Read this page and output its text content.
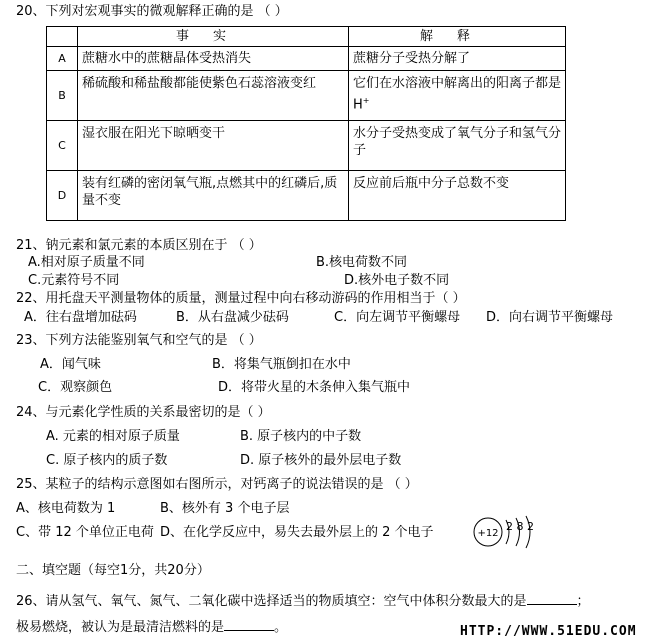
20、下列对宏观事实的微观解释正确的是 （ ）
	事实	解释
A	蔗糖水中的蔗糖晶体受热消失	蔗糖分子受热分解了
B	稀硫酸和稀盐酸都能使紫色石蕊溶液变红	它们在水溶液中解离出的阳离子都是H+
C	湿衣服在阳光下晾晒变干	水分子受热变成了氧气分子和氢气分子
D	装有红磷的密闭氧气瓶,点燃其中的红磷后,质量不变	反应前后瓶中分子总数不变
21、钠元素和氯元素的本质区别在于 （ ）
A.相对原子质量不同	B.核电荷数不同
C.元素符号不同	D.核外电子数不同
22、用托盘天平测量物体的质量，测量过程中向右移动游码的作用相当于（ ）
A．往右盘增加砝码	B．从右盘减少砝码	C．向左调节平衡螺母 D．向右调节平衡螺母
23、下列方法能鉴别氧气和空气的是 （ ）
A．闻气味	B．将集气瓶倒扣在水中
C．观察颜色	D．将带火星的木条伸入集气瓶中
24、与元素化学性质的关系最密切的是（ ）
A. 元素的相对原子质量	B. 原子核内的中子数
C. 原子核内的质子数	D. 原子核外的最外层电子数
25、某粒子的结构示意图如右图所示，对钙离子的说法错误的是 （ ）
A、核电荷数为 1	B、核外有 3 个电子层
C、带 12 个单位正电荷 D、在化学反应中，易失去最外层上的 2 个电子	+12
2 8 2
二、填空题（每空1分，共20分）
26、请从氢气、氧气、氮气、二氧化碳中选择适当的物质填空：空气中体积分数最大的是	；
极易燃烧，被认为是最清洁燃料的是	。	HTTP://WWW.51EDU.COM
